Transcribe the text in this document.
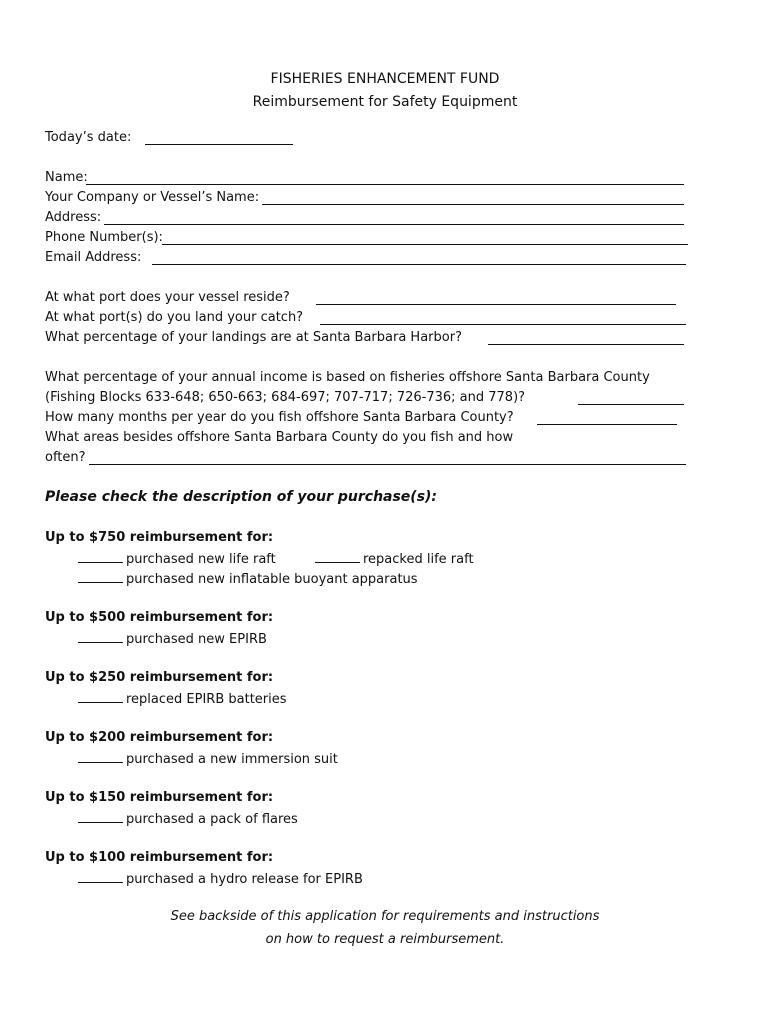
FISHERIES ENHANCEMENT FUND
Reimbursement for Safety Equipment
Today’s date:
Name:
Your Company or Vessel’s Name:
Address:
Phone Number(s):
Email Address:
At what port does your vessel reside?
At what port(s) do you land your catch?
What percentage of your landings are at Santa Barbara Harbor?
What percentage of your annual income is based on fisheries offshore Santa Barbara County
(Fishing Blocks 633-648; 650-663; 684-697; 707-717; 726-736; and 778)?
How many months per year do you fish offshore Santa Barbara County?
What areas besides offshore Santa Barbara County do you fish and how
often?
Please check the description of your purchase(s):
Up to $750 reimbursement for:
purchased new life raft	repacked life raft
purchased new inflatable buoyant apparatus
Up to $500 reimbursement for:
purchased new EPIRB
Up to $250 reimbursement for:
replaced EPIRB batteries
Up to $200 reimbursement for:
purchased a new immersion suit
Up to $150 reimbursement for:
purchased a pack of flares
Up to $100 reimbursement for:
purchased a hydro release for EPIRB
See backside of this application for requirements and instructions
on how to request a reimbursement.
